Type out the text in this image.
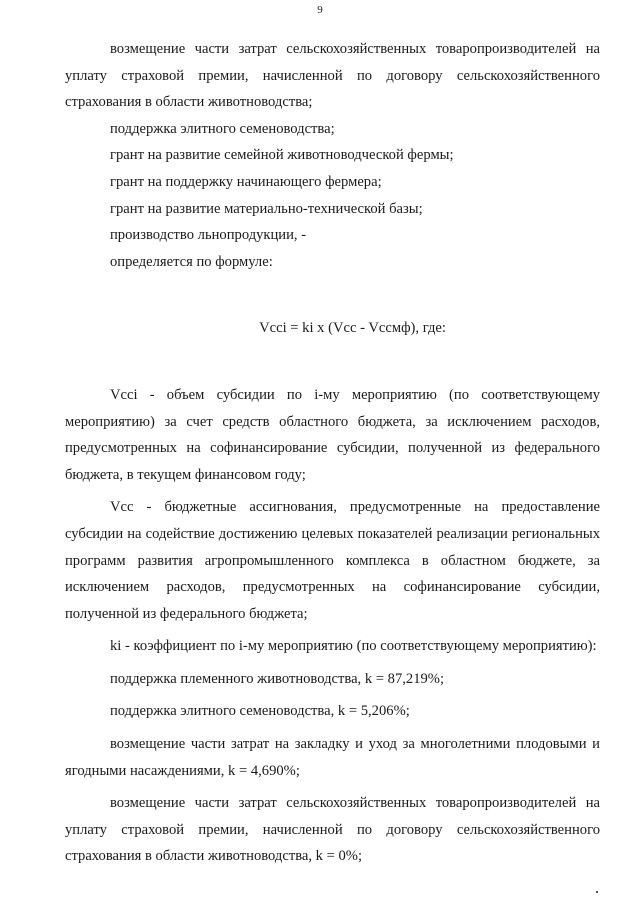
9

возмещение части затрат сельскохозяйственных товаропроизводителей на уплату страховой премии, начисленной по договору сельскохозяйственного страхования в области животноводства;

поддержка элитного семеноводства;

грант на развитие семейной животноводческой фермы;

грант на поддержку начинающего фермера;

грант на развитие материально-технической базы;

производство льнопродукции, -

определяется по формуле:

Vcci = ki x (Vcc - Vccмф), где:

Vcci - объем субсидии по i-му мероприятию (по соответствующему мероприятию) за счет средств областного бюджета, за исключением расходов, предусмотренных на софинансирование субсидии, полученной из федерального бюджета, в текущем финансовом году;

Vcc - бюджетные ассигнования, предусмотренные на предоставление субсидии на содействие достижению целевых показателей реализации региональных программ развития агропромышленного комплекса в областном бюджете, за исключением расходов, предусмотренных на софинансирование субсидии, полученной из федерального бюджета;

ki - коэффициент по i-му мероприятию (по соответствующему мероприятию):

поддержка племенного животноводства, k = 87,219%;

поддержка элитного семеноводства, k = 5,206%;

возмещение части затрат на закладку и уход за многолетними плодовыми и ягодными насаждениями, k = 4,690%;

возмещение части затрат сельскохозяйственных товаропроизводителей на уплату страховой премии, начисленной по договору сельскохозяйственного страхования в области животноводства, k = 0%;
